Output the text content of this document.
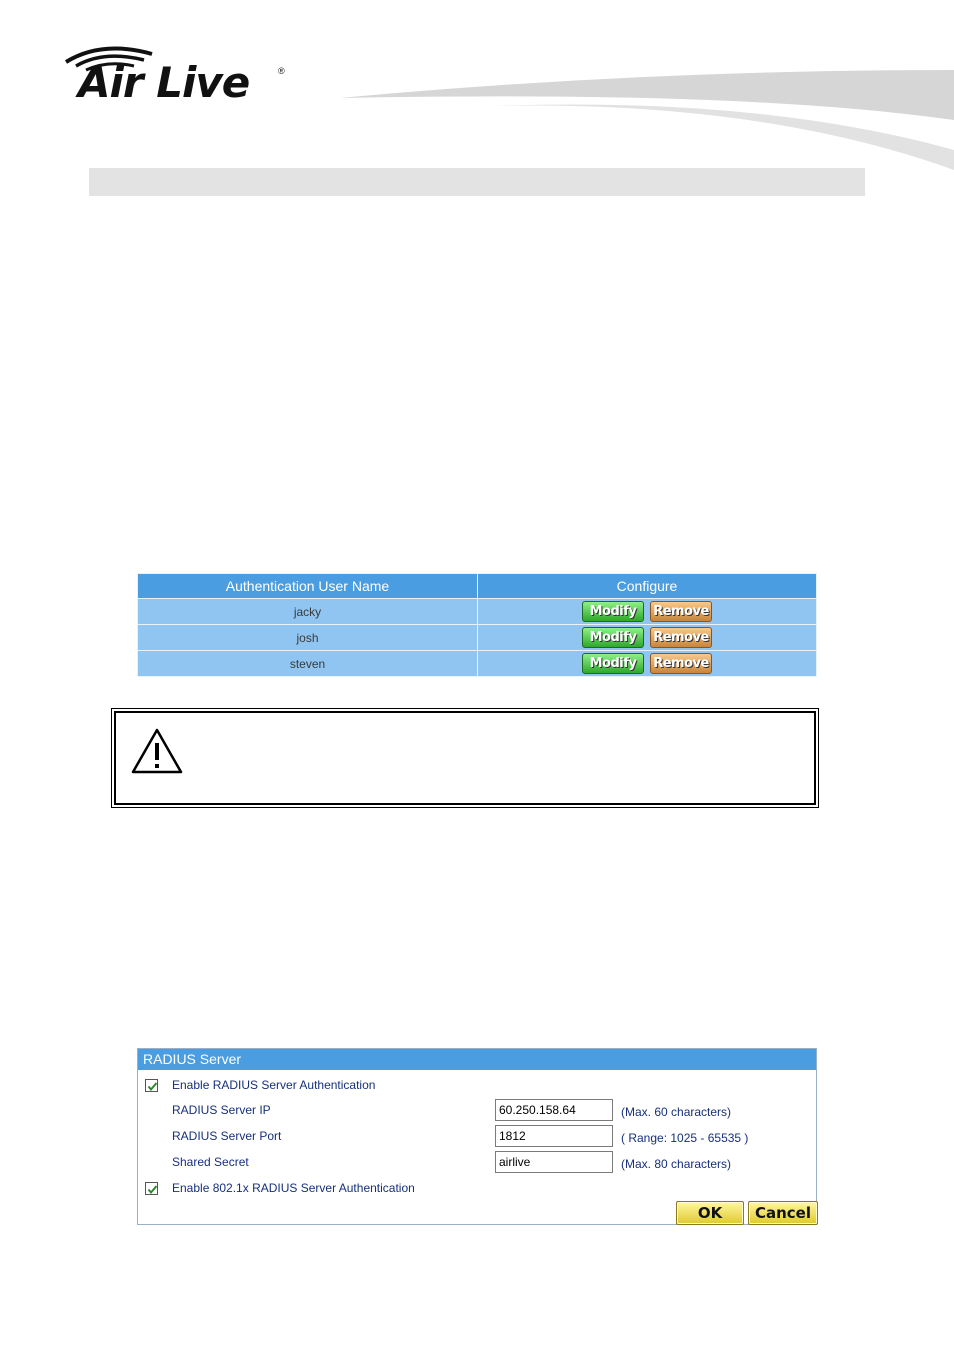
Air Live	®
Authentication User Name	Configure
jacky	Modify Remove
josh	Modify Remove
steven	Modify Remove
RADIUS Server
Enable RADIUS Server Authentication
RADIUS Server IP	60.250.158.64	(Max. 60 characters)
RADIUS Server Port	1812	( Range: 1025 - 65535 )
Shared Secret	airlive	(Max. 80 characters)
Enable 802.1x RADIUS Server Authentication
OK	Cancel
